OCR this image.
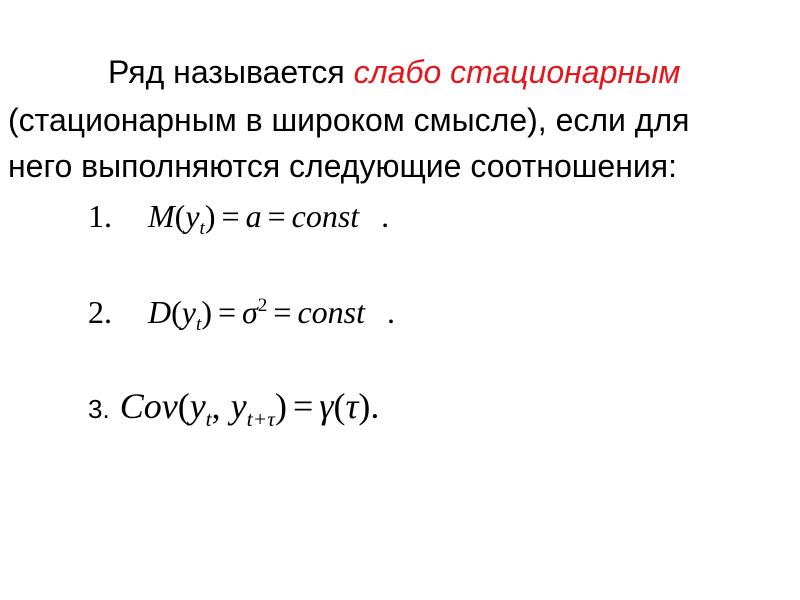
Ряд называется слабо стационарным
(стационарным в широком смысле), если для
него выполняются следующие соотношения:
1. $M(y_t) = a$ = const .
2. $D(y_t) = \sigma^2$ = const .
3. $Cov(y_t$, $y_{t+\tau}) = \gamma(\tau)$.
